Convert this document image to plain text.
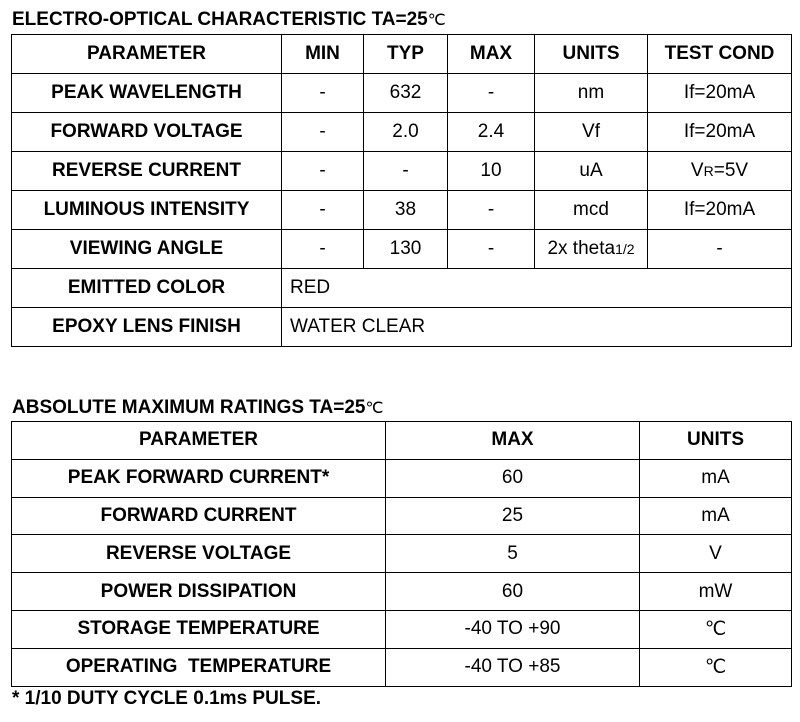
ELECTRO-OPTICAL CHARACTERISTIC TA=25℃
PARAMETER	MIN	TYP	MAX	UNITS	TEST COND
PEAK WAVELENGTH	-	632	-	nm	If=20mA
FORWARD VOLTAGE	-	2.0	2.4	Vf	If=20mA
REVERSE CURRENT	-	-	10	uA	VR=5V
LUMINOUS INTENSITY	-	38	-	mcd	If=20mA
VIEWING ANGLE	-	130	-	2x theta1/2	-
EMITTED COLOR	RED				
EPOXY LENS FINISH	WATER CLEAR				
ABSOLUTE MAXIMUM RATINGS TA=25℃
PARAMETER	MAX	UNITS
PEAK FORWARD CURRENT*	60	mA
FORWARD CURRENT	25	mA
REVERSE VOLTAGE	5	V
POWER DISSIPATION	60	mW
STORAGE TEMPERATURE	-40 TO +90	℃
OPERATING  TEMPERATURE	-40 TO +85	℃
* 1/10 DUTY CYCLE 0.1ms PULSE.
